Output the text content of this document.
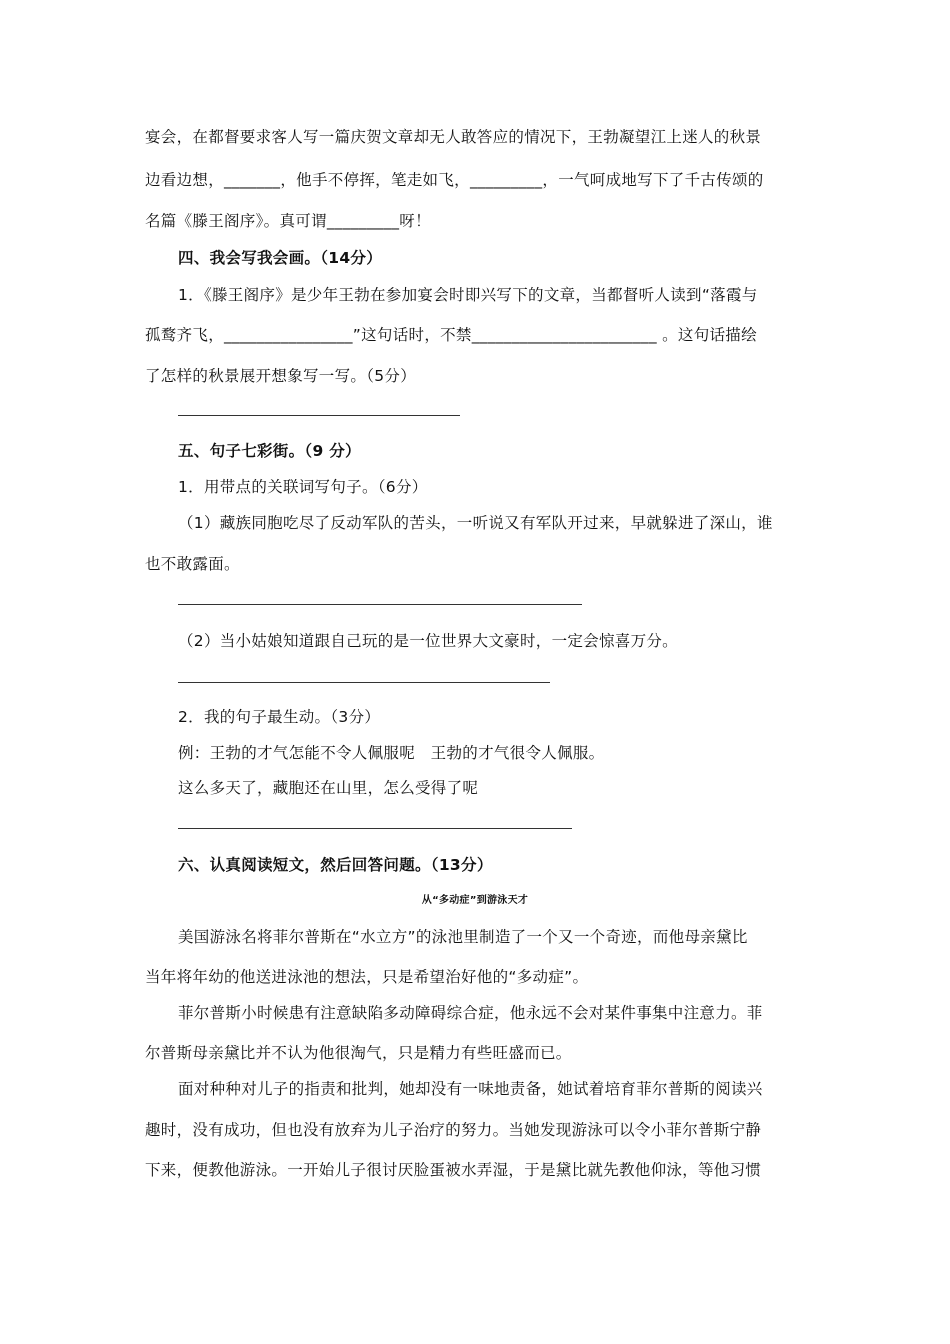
宴会，在都督要求客人写一篇庆贺文章却无人敢答应的情况下，王勃凝望江上迷人的秋景
边看边想，_______，他手不停挥，笔走如飞，_________，一气呵成地写下了千古传颂的
名篇《滕王阁序》。真可谓_________呀！
四、我会写我会画。（14分）
1．《滕王阁序》是少年王勃在参加宴会时即兴写下的文章，当都督听人读到“落霞与
孤鹜齐飞，________________”这句话时，不禁_______________________ 。这句话描绘
了怎样的秋景展开想象写一写。（5分）
五、句子七彩街。（9 分）
1．用带点的关联词写句子。（6分）
（1）藏族同胞吃尽了反动军队的苦头，一听说又有军队开过来，早就躲进了深山，谁
也不敢露面。
（2）当小姑娘知道跟自己玩的是一位世界大文豪时，一定会惊喜万分。
2．我的句子最生动。（3分）
例：王勃的才气怎能不令人佩服呢   王勃的才气很令人佩服。
这么多天了，藏胞还在山里，怎么受得了呢
六、认真阅读短文，然后回答问题。（13分）
从“多动症”到游泳天才
美国游泳名将菲尔普斯在“水立方”的泳池里制造了一个又一个奇迹，而他母亲黛比
当年将年幼的他送进泳池的想法，只是希望治好他的“多动症”。
菲尔普斯小时候患有注意缺陷多动障碍综合症，他永远不会对某件事集中注意力。菲
尔普斯母亲黛比并不认为他很淘气，只是精力有些旺盛而已。
面对种种对儿子的指责和批判，她却没有一味地责备，她试着培育菲尔普斯的阅读兴
趣时，没有成功，但也没有放弃为儿子治疗的努力。当她发现游泳可以令小菲尔普斯宁静
下来，便教他游泳。一开始儿子很讨厌脸蛋被水弄湿，于是黛比就先教他仰泳，等他习惯
